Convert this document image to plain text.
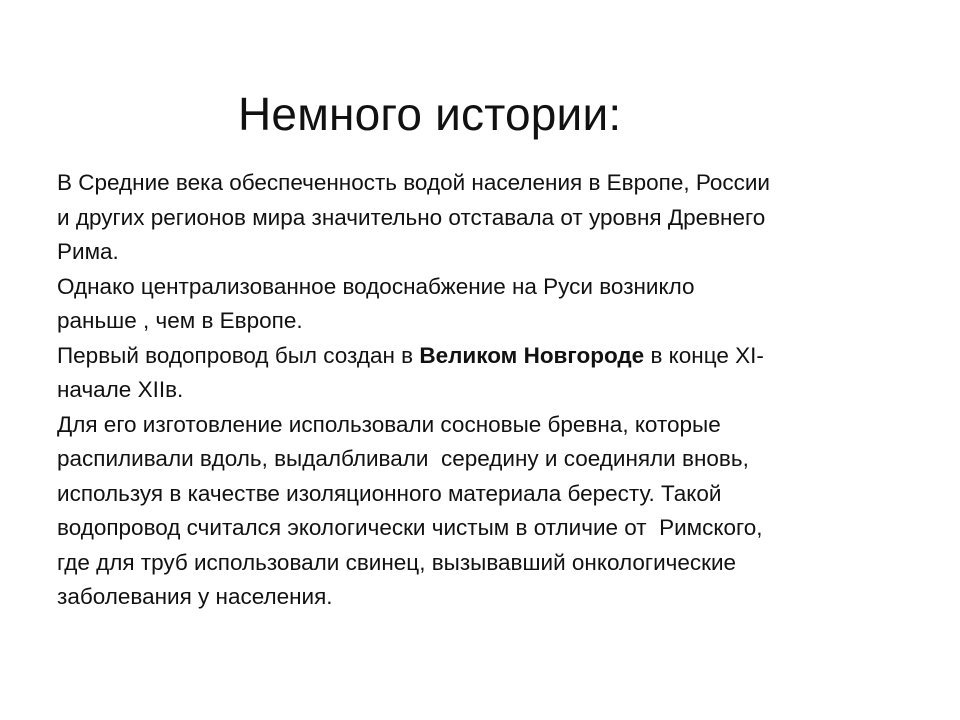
Немного истории:

В Средние века обеспеченность водой населения в Европе, России
и других регионов мира значительно отставала от уровня Древнего
Рима.

Однако централизованное водоснабжение на Руси возникло
раньше , чем в Европе.

Первый водопровод был создан в Великом Новгороде в конце XI-
начале XIIв.

Для его изготовление использовали сосновые бревна, которые
распиливали вдоль, выдалбливали  середину и соединяли вновь,
используя в качестве изоляционного материала бересту. Такой
водопровод считался экологически чистым в отличие от  Римского,
где для труб использовали свинец, вызывавший онкологические
заболевания у населения.
